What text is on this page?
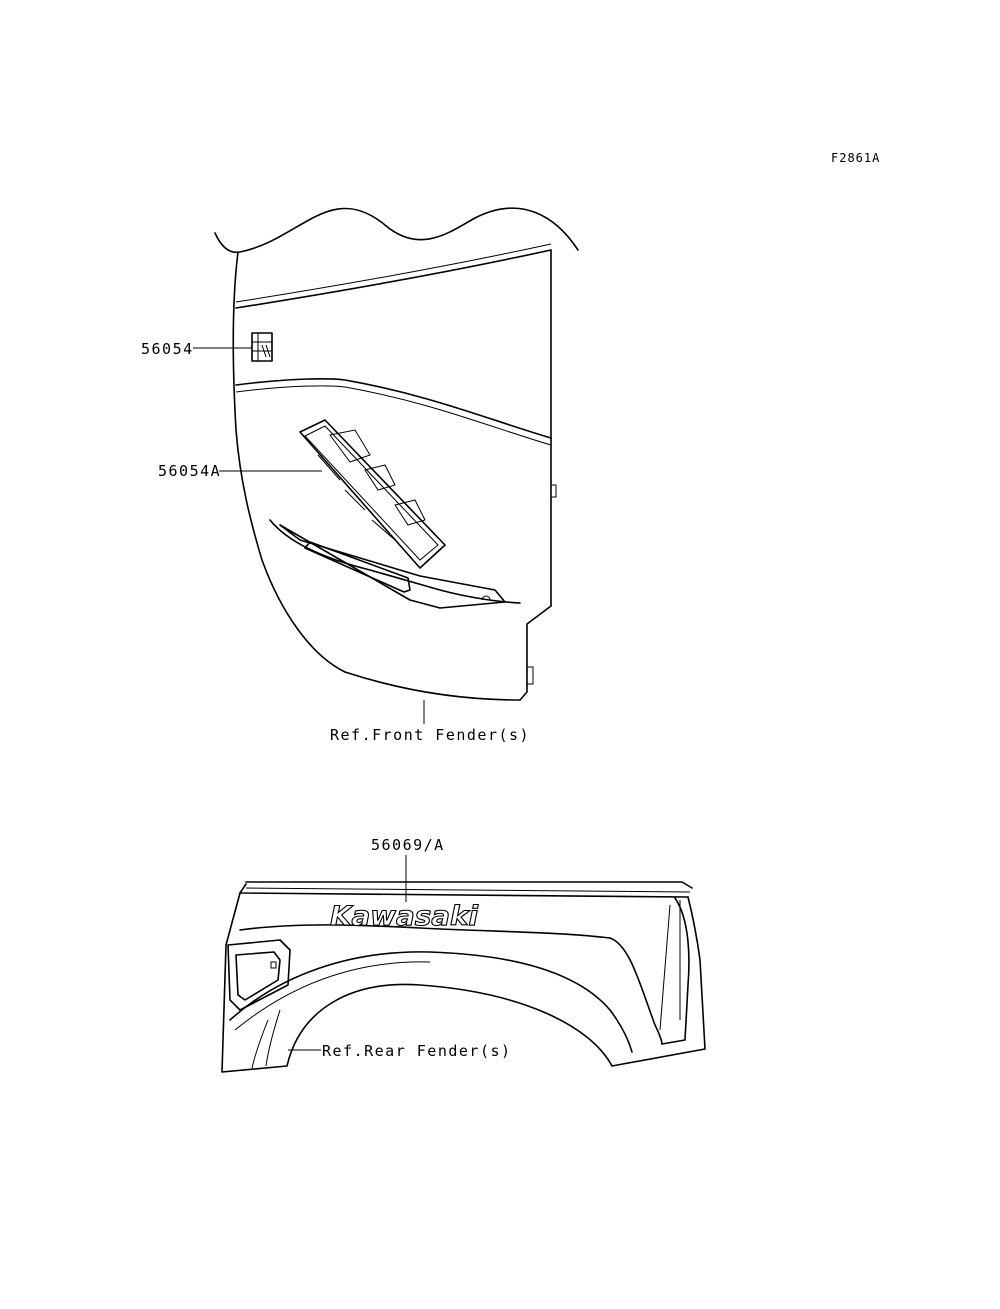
Kawasaki
F2861A
56054
56054A
Ref.Front Fender(s)
56069/A
Ref.Rear Fender(s)
